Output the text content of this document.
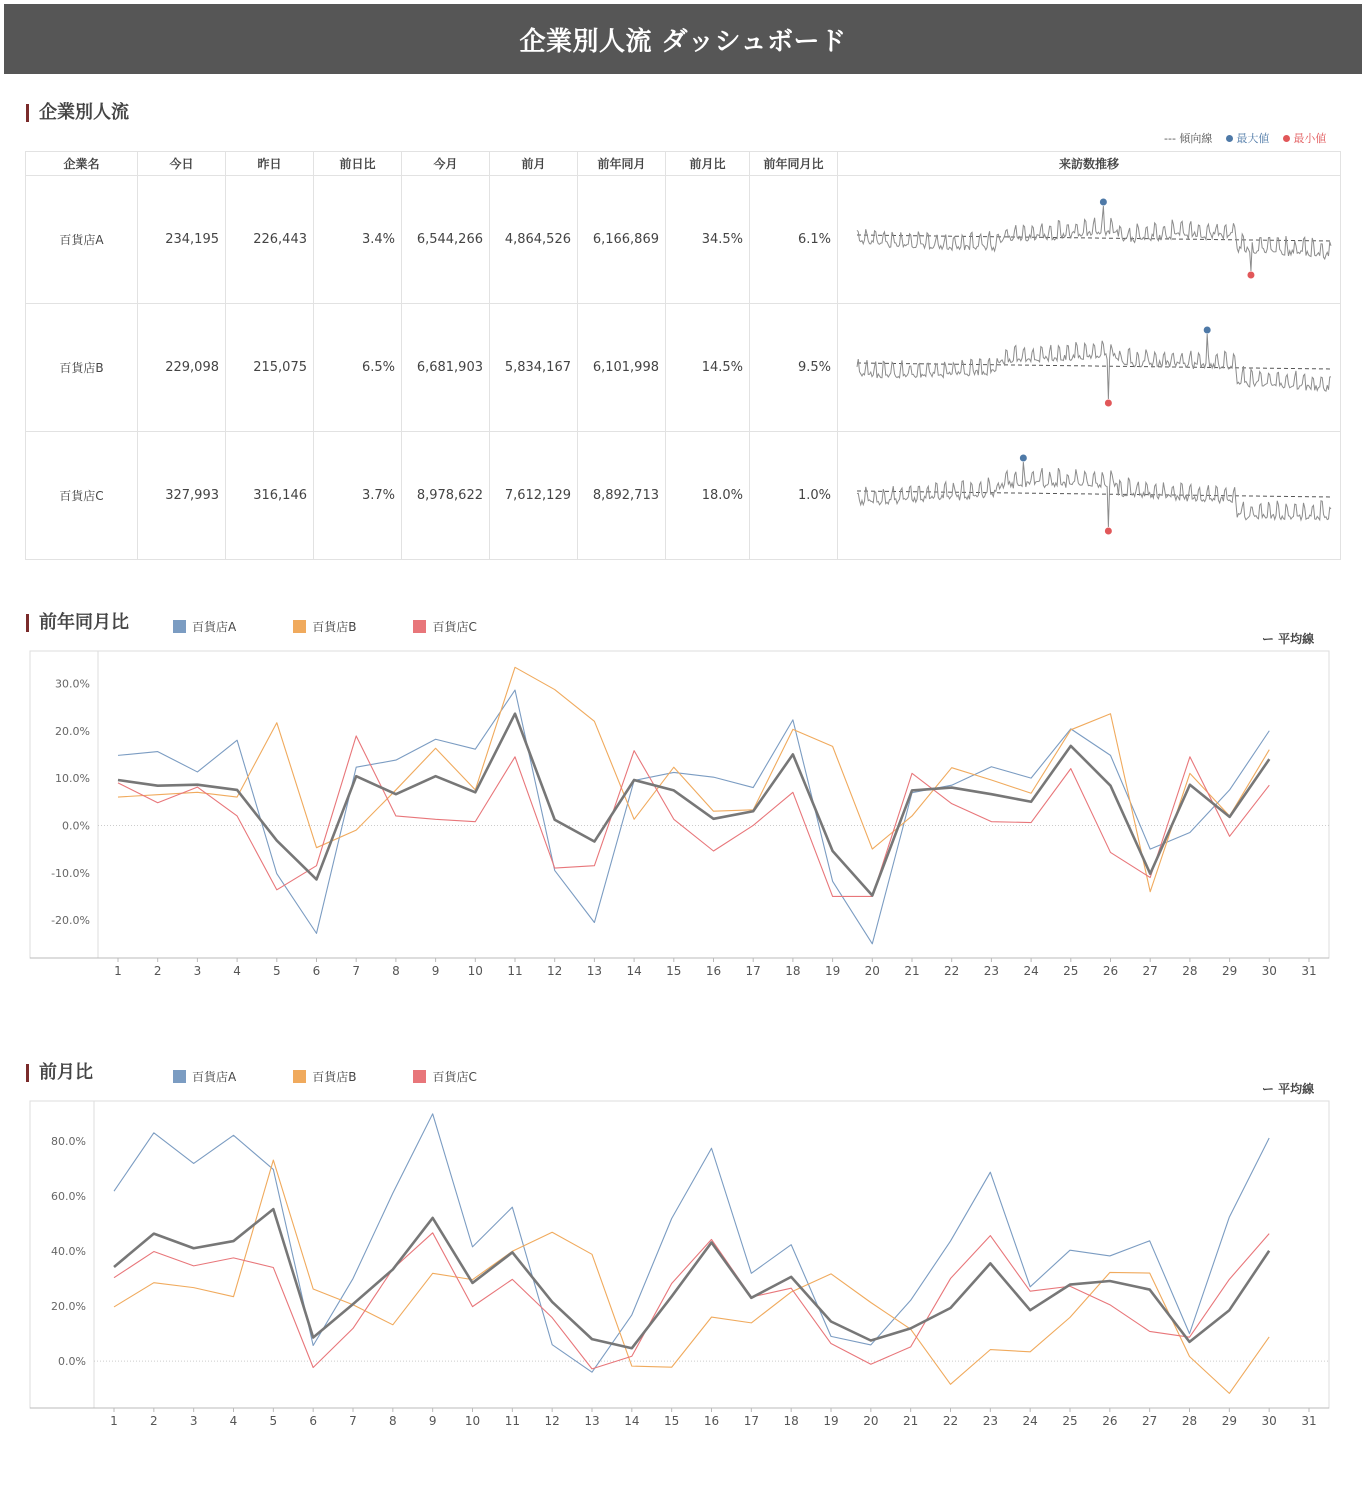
企業別人流 ダッシュボード
企業別人流
--- 傾向線 最大値 最小値
企業名	今日	昨日	前日比	今月	前月	前年同月	前月比	前年同月比	来訪数推移
百貨店A	234,195	226,443	3.4%	6,544,266	4,864,526	6,166,869	34.5%	6.1%	
百貨店B	229,098	215,075	6.5%	6,681,903	5,834,167	6,101,998	14.5%	9.5%	
百貨店C	327,993	316,146	3.7%	8,978,622	7,612,129	8,892,713	18.0%	1.0%	
前年同月比	百貨店A	百貨店B	百貨店C
ー 平均線
30.0%
20.0%
10.0%
0.0%
-10.0%
-20.0%
1	2	3	4	5	6	7	8	9 10 11 12 13 14 15 16 17 18 19 20 21 22 23 24 25 26 27 28 29 30 31
前月比	百貨店A	百貨店B	百貨店C
ー 平均線
80.0%
60.0%
40.0%
20.0%
0.0%
1	2	3	4	5	6	7	8	9 10 11 12 13 14 15 16 17 18 19 20 21 22 23 24 25 26 27 28 29 30 31
